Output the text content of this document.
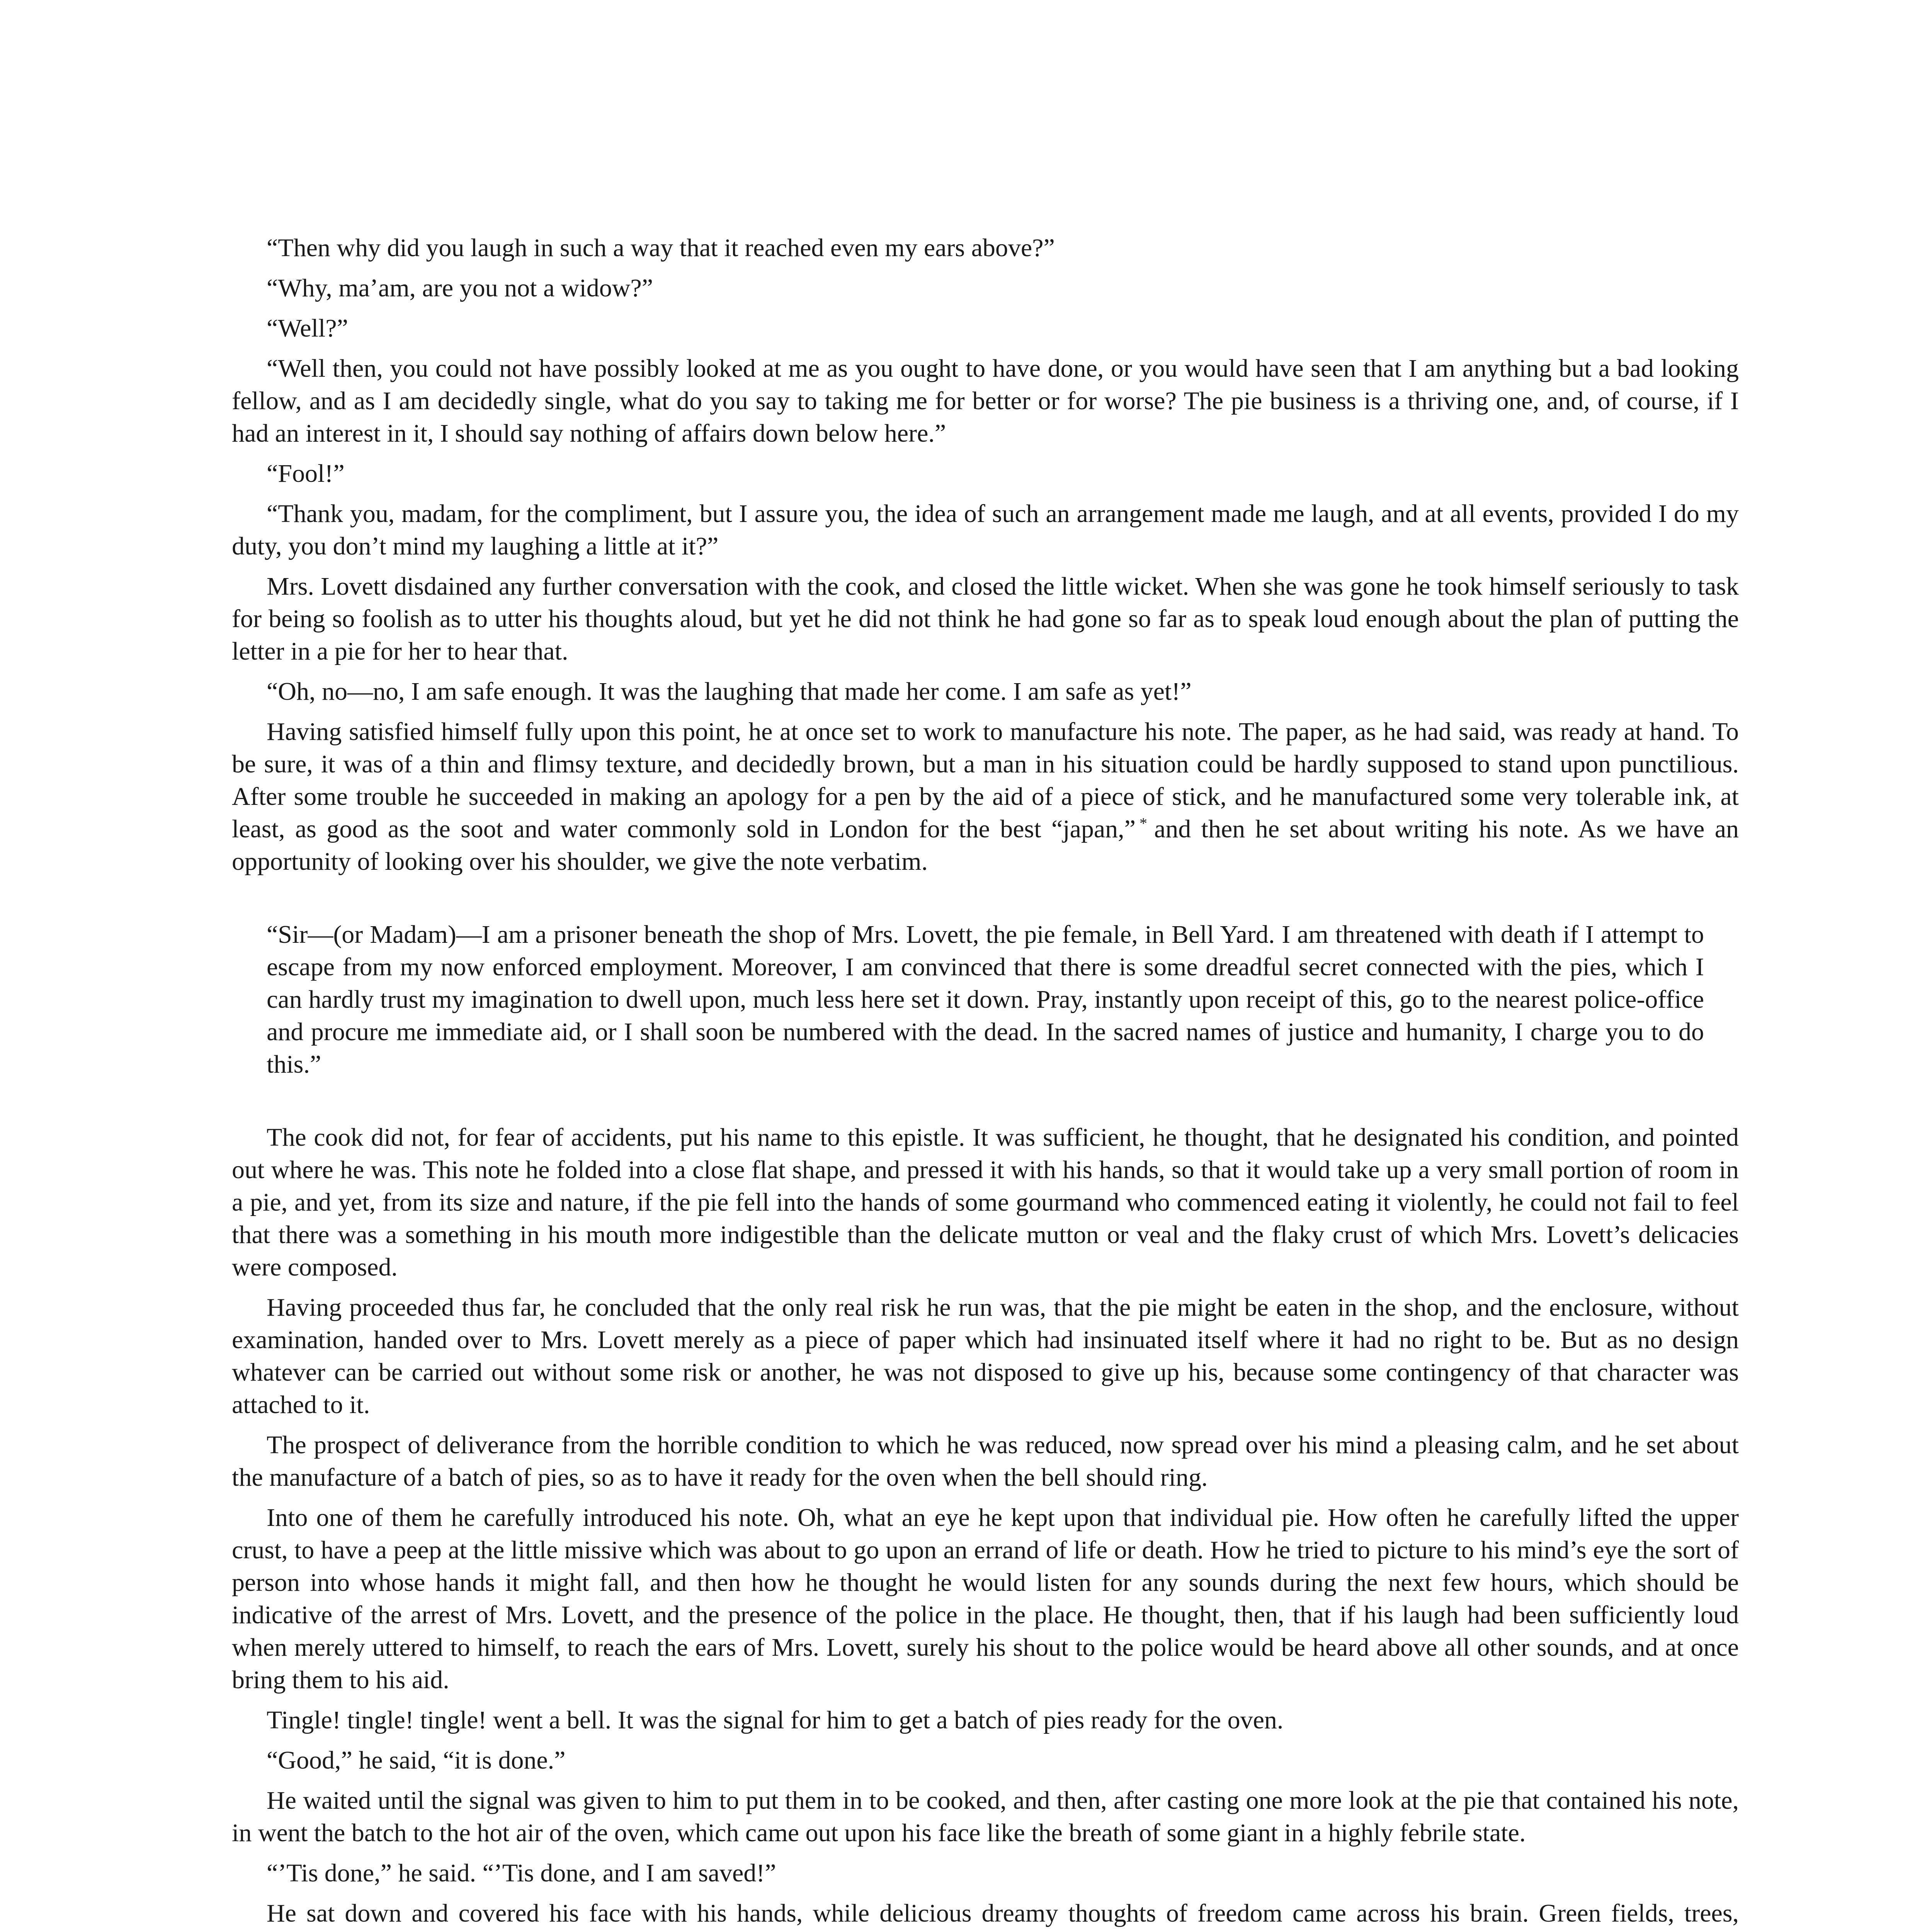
“Then why did you laugh in such a way that it reached even my ears above?”

“Why, ma’am, are you not a widow?”

“Well?”

“Well then, you could not have possibly looked at me as you ought to have done, or you would have seen that I am anything but a bad looking fellow, and as I am decidedly single, what do you say to taking me for better or for worse? The pie business is a thriving one, and, of course, if I had an interest in it, I should say nothing of affairs down below here.”

“Fool!”

“Thank you, madam, for the compliment, but I assure you, the idea of such an arrangement made me laugh, and at all events, provided I do my duty, you don’t mind my laughing a little at it?”

Mrs. Lovett disdained any further conversation with the cook, and closed the little wicket. When she was gone he took himself seriously to task for being so foolish as to utter his thoughts aloud, but yet he did not think he had gone so far as to speak loud enough about the plan of putting the letter in a pie for her to hear that.

“Oh, no—no, I am safe enough. It was the laughing that made her come. I am safe as yet!”

Having satisfied himself fully upon this point, he at once set to work to manufacture his note. The paper, as he had said, was ready at hand. To be sure, it was of a thin and flimsy texture, and decidedly brown, but a man in his situation could be hardly supposed to stand upon punctilious. After some trouble he succeeded in making an apology for a pen by the aid of a piece of stick, and he manufactured some very tolerable ink, at least, as good as the soot and water commonly sold in London for the best “japan,” * and then he set about writing his note. As we have an opportunity of looking over his shoulder, we give the note verbatim.

“Sir—(or Madam)—I am a prisoner beneath the shop of Mrs. Lovett, the pie female, in Bell Yard. I am threatened with death if I attempt to escape from my now enforced employment. Moreover, I am convinced that there is some dreadful secret connected with the pies, which I can hardly trust my imagination to dwell upon, much less here set it down. Pray, instantly upon receipt of this, go to the nearest police-office and procure me immediate aid, or I shall soon be numbered with the dead. In the sacred names of justice and humanity, I charge you to do this.”

The cook did not, for fear of accidents, put his name to this epistle. It was sufficient, he thought, that he designated his condition, and pointed out where he was. This note he folded into a close flat shape, and pressed it with his hands, so that it would take up a very small portion of room in a pie, and yet, from its size and nature, if the pie fell into the hands of some gourmand who commenced eating it violently, he could not fail to feel that there was a something in his mouth more indigestible than the delicate mutton or veal and the flaky crust of which Mrs. Lovett’s delicacies were composed.

Having proceeded thus far, he concluded that the only real risk he run was, that the pie might be eaten in the shop, and the enclosure, without examination, handed over to Mrs. Lovett merely as a piece of paper which had insinuated itself where it had no right to be. But as no design whatever can be carried out without some risk or another, he was not disposed to give up his, because some contingency of that character was attached to it.

The prospect of deliverance from the horrible condition to which he was reduced, now spread over his mind a pleasing calm, and he set about the manufacture of a batch of pies, so as to have it ready for the oven when the bell should ring.

Into one of them he carefully introduced his note. Oh, what an eye he kept upon that individual pie. How often he carefully lifted the upper crust, to have a peep at the little missive which was about to go upon an errand of life or death. How he tried to picture to his mind’s eye the sort of person into whose hands it might fall, and then how he thought he would listen for any sounds during the next few hours, which should be indicative of the arrest of Mrs. Lovett, and the presence of the police in the place. He thought, then, that if his laugh had been sufficiently loud when merely uttered to himself, to reach the ears of Mrs. Lovett, surely his shout to the police would be heard above all other sounds, and at once bring them to his aid.

Tingle! tingle! tingle! went a bell. It was the signal for him to get a batch of pies ready for the oven.

“Good,” he said, “it is done.”

He waited until the signal was given to him to put them in to be cooked, and then, after casting one more look at the pie that contained his note, in went the batch to the hot air of the oven, which came out upon his face like the breath of some giant in a highly febrile state.

“’Tis done,” he said. “’Tis done, and I am saved!”

He sat down and covered his face with his hands, while delicious dreamy thoughts of freedom came across his brain. Green fields, trees,
